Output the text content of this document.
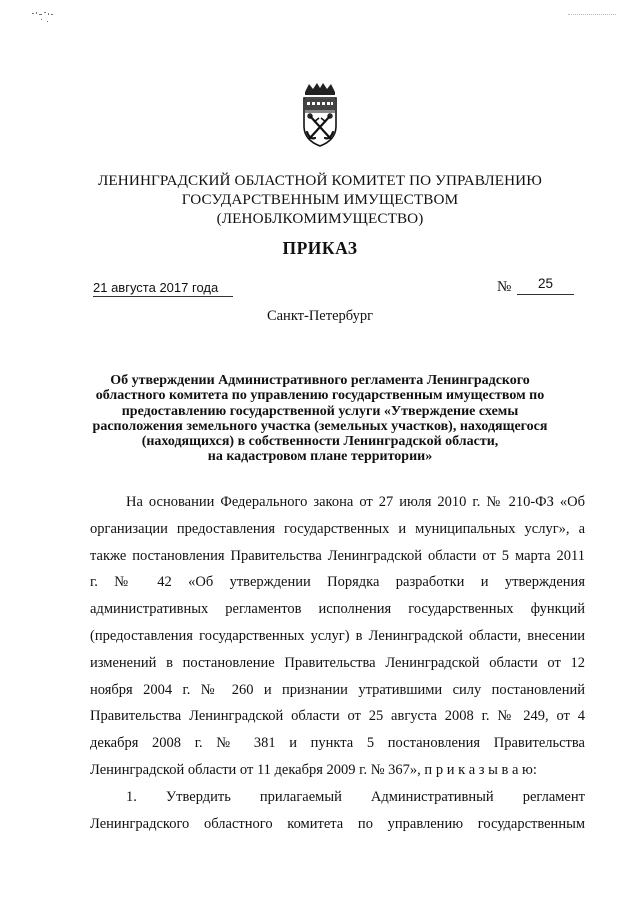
ЛЕНИНГРАДСКИЙ ОБЛАСТНОЙ КОМИТЕТ ПО УПРАВЛЕНИЮ
ГОСУДАРСТВЕННЫМ ИМУЩЕСТВОМ
(ЛЕНОБЛКОМИМУЩЕСТВО)
ПРИКАЗ
21 августа 2017 года	№	25
Санкт-Петербург
Об утверждении Административного регламента Ленинградского
областного комитета по управлению государственным имуществом по
предоставлению государственной услуги «Утверждение схемы
расположения земельного участка (земельных участков), находящегося
(находящихся) в собственности Ленинградской области,
на кадастровом плане территории»
На основании Федерального закона от 27 июля 2010 г. № 210-ФЗ «Об
организации предоставления государственных и муниципальных услуг», а
также постановления Правительства Ленинградской области от 5 марта 2011
г. № 42 «Об утверждении Порядка разработки и утверждения
административных регламентов исполнения государственных функций
(предоставления государственных услуг) в Ленинградской области, внесении
изменений в постановление Правительства Ленинградской области от 12
ноября 2004 г. № 260 и признании утратившими силу постановлений
Правительства Ленинградской области от 25 августа 2008 г. № 249, от 4
декабря 2008 г. № 381 и пункта 5 постановления Правительства
Ленинградской области от 11 декабря 2009 г. № 367», п р и к а з ы в а ю:
1. Утвердить прилагаемый Административный регламент
Ленинградского областного комитета по управлению государственным
